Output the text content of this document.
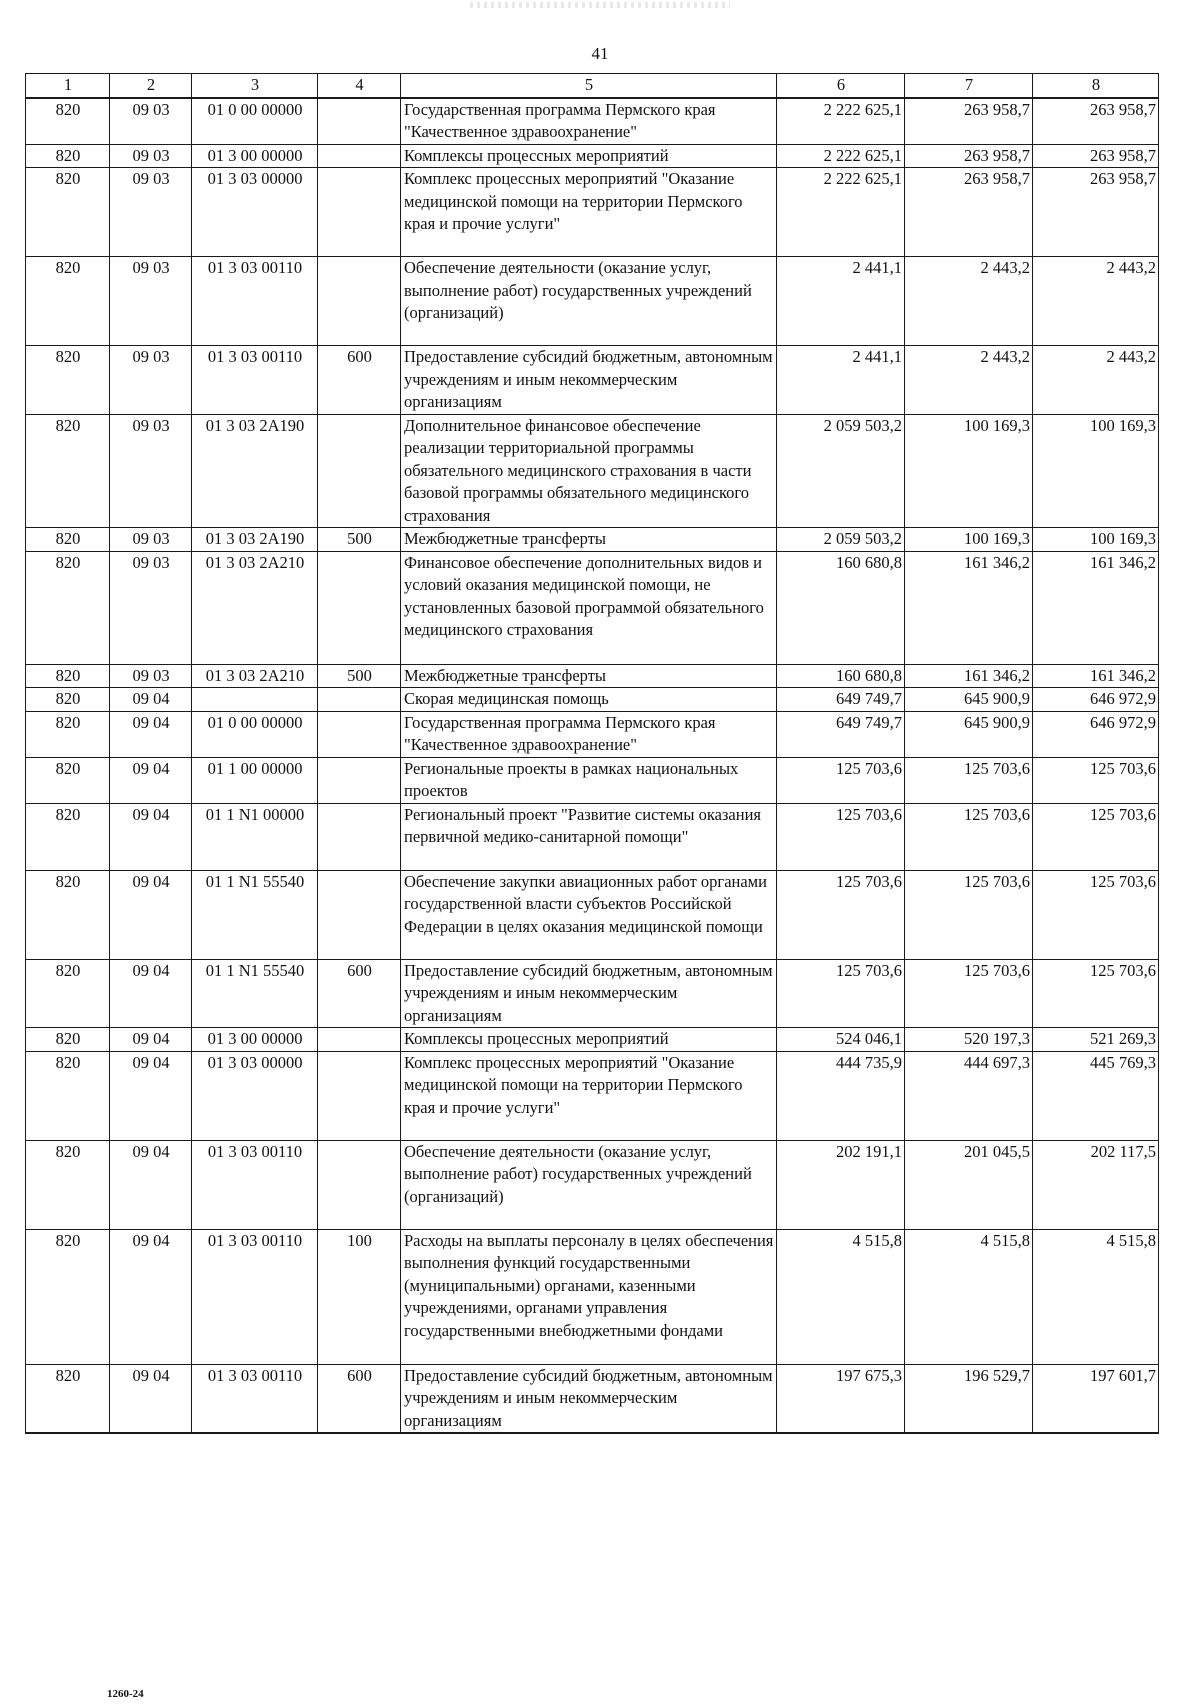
41
1	2	3	4	5	6	7	8
820	09 03	01 0 00 00000		Государственная программа Пермского края "Качественное здравоохранение"	2 222 625,1	263 958,7	263 958,7
820	09 03	01 3 00 00000		Комплексы процессных мероприятий	2 222 625,1	263 958,7	263 958,7
820	09 03	01 3 03 00000		Комплекс процессных мероприятий "Оказание медицинской помощи на территории Пермского края и прочие услуги"	2 222 625,1	263 958,7	263 958,7
820	09 03	01 3 03 00110		Обеспечение деятельности (оказание услуг, выполнение работ) государственных учреждений (организаций)	2 441,1	2 443,2	2 443,2
820	09 03	01 3 03 00110	600	Предоставление субсидий бюджетным, автономным учреждениям и иным некоммерческим организациям	2 441,1	2 443,2	2 443,2
820	09 03	01 3 03 2А190		Дополнительное финансовое обеспечение реализации территориальной программы обязательного медицинского страхования в части базовой программы обязательного медицинского страхования	2 059 503,2	100 169,3	100 169,3
820	09 03	01 3 03 2А190	500	Межбюджетные трансферты	2 059 503,2	100 169,3	100 169,3
820	09 03	01 3 03 2А210		Финансовое обеспечение дополнительных видов и условий оказания медицинской помощи, не установленных базовой программой обязательного медицинского страхования	160 680,8	161 346,2	161 346,2
820	09 03	01 3 03 2А210	500	Межбюджетные трансферты	160 680,8	161 346,2	161 346,2
820	09 04			Скорая медицинская помощь	649 749,7	645 900,9	646 972,9
820	09 04	01 0 00 00000		Государственная программа Пермского края "Качественное здравоохранение"	649 749,7	645 900,9	646 972,9
820	09 04	01 1 00 00000		Региональные проекты в рамках национальных проектов	125 703,6	125 703,6	125 703,6
820	09 04	01 1 N1 00000		Региональный проект "Развитие системы оказания первичной медико-санитарной помощи"	125 703,6	125 703,6	125 703,6
820	09 04	01 1 N1 55540		Обеспечение закупки авиационных работ органами государственной власти субъектов Российской Федерации в целях оказания медицинской помощи	125 703,6	125 703,6	125 703,6
820	09 04	01 1 N1 55540	600	Предоставление субсидий бюджетным, автономным учреждениям и иным некоммерческим организациям	125 703,6	125 703,6	125 703,6
820	09 04	01 3 00 00000		Комплексы процессных мероприятий	524 046,1	520 197,3	521 269,3
820	09 04	01 3 03 00000		Комплекс процессных мероприятий "Оказание медицинской помощи на территории Пермского края и прочие услуги"	444 735,9	444 697,3	445 769,3
820	09 04	01 3 03 00110		Обеспечение деятельности (оказание услуг, выполнение работ) государственных учреждений (организаций)	202 191,1	201 045,5	202 117,5
820	09 04	01 3 03 00110	100	Расходы на выплаты персоналу в целях обеспечения выполнения функций государственными (муниципальными) органами, казенными учреждениями, органами управления государственными внебюджетными фондами	4 515,8	4 515,8	4 515,8
820	09 04	01 3 03 00110	600	Предоставление субсидий бюджетным, автономным учреждениям и иным некоммерческим организациям	197 675,3	196 529,7	197 601,7
1260-24
